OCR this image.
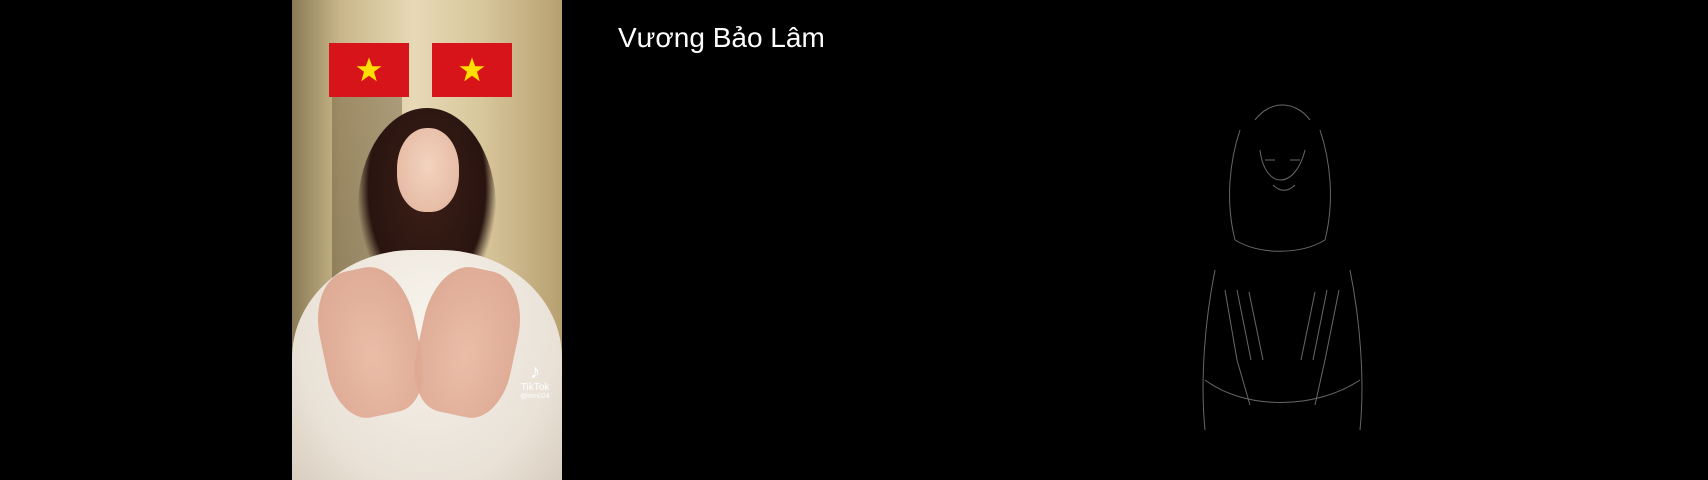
♪
TikTok
@lien024
Vương Bảo Lâm
